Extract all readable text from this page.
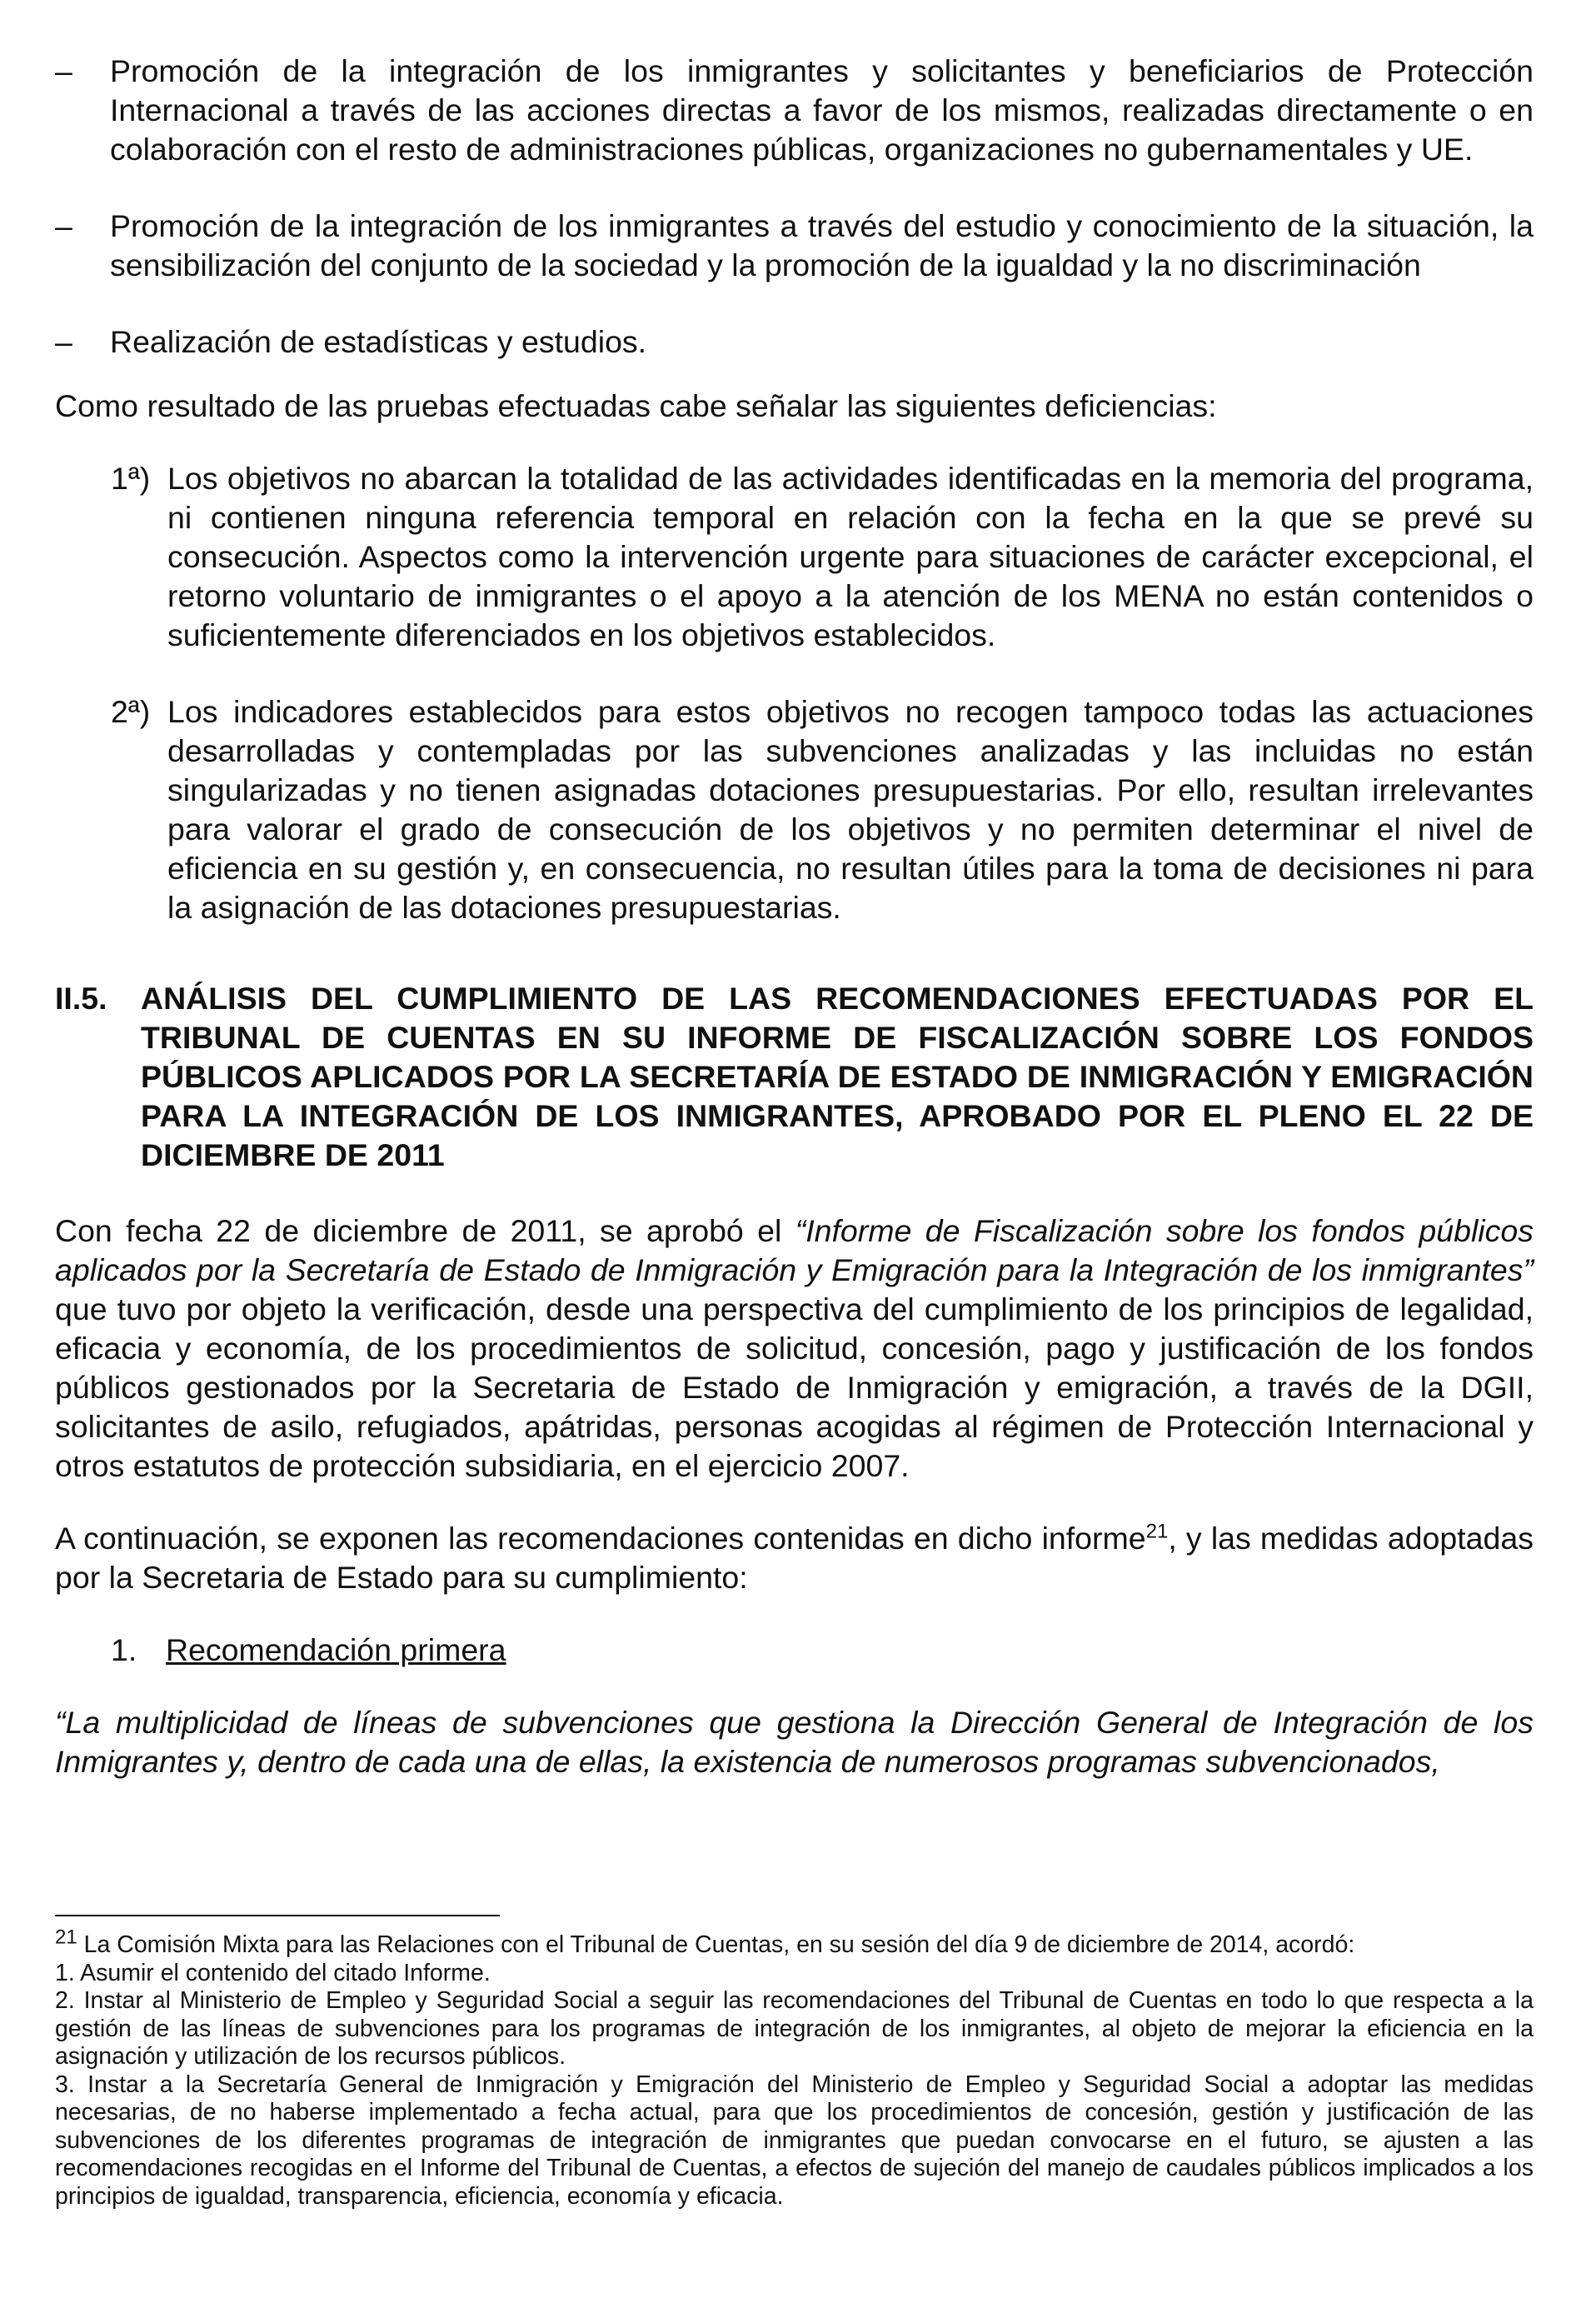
–	Promoción de la integración de los inmigrantes y solicitantes y beneficiarios de Protección Internacional a través de las acciones directas a favor de los mismos, realizadas directamente o en colaboración con el resto de administraciones públicas, organizaciones no gubernamentales y UE.
–	Promoción de la integración de los inmigrantes a través del estudio y conocimiento de la situación, la sensibilización del conjunto de la sociedad y la promoción de la igualdad y la no discriminación
–	Realización de estadísticas y estudios.

Como resultado de las pruebas efectuadas cabe señalar las siguientes deficiencias:

1ª) Los objetivos no abarcan la totalidad de las actividades identificadas en la memoria del programa, ni contienen ninguna referencia temporal en relación con la fecha en la que se prevé su consecución. Aspectos como la intervención urgente para situaciones de carácter excepcional, el retorno voluntario de inmigrantes o el apoyo a la atención de los MENA no están contenidos o suficientemente diferenciados en los objetivos establecidos.
2ª) Los indicadores establecidos para estos objetivos no recogen tampoco todas las actuaciones desarrolladas y contempladas por las subvenciones analizadas y las incluidas no están singularizadas y no tienen asignadas dotaciones presupuestarias. Por ello, resultan irrelevantes para valorar el grado de consecución de los objetivos y no permiten determinar el nivel de eficiencia en su gestión y, en consecuencia, no resultan útiles para la toma de decisiones ni para la asignación de las dotaciones presupuestarias.
II.5.	ANÁLISIS DEL CUMPLIMIENTO DE LAS RECOMENDACIONES EFECTUADAS POR EL TRIBUNAL DE CUENTAS EN SU INFORME DE FISCALIZACIÓN SOBRE LOS FONDOS PÚBLICOS APLICADOS POR LA SECRETARÍA DE ESTADO DE INMIGRACIÓN Y EMIGRACIÓN PARA LA INTEGRACIÓN DE LOS INMIGRANTES, APROBADO POR EL PLENO EL 22 DE DICIEMBRE DE 2011

Con fecha 22 de diciembre de 2011, se aprobó el “Informe de Fiscalización sobre los fondos públicos aplicados por la Secretaría de Estado de Inmigración y Emigración para la Integración de los inmigrantes” que tuvo por objeto la verificación, desde una perspectiva del cumplimiento de los principios de legalidad, eficacia y economía, de los procedimientos de solicitud, concesión, pago y justificación de los fondos públicos gestionados por la Secretaria de Estado de Inmigración y emigración, a través de la DGII, solicitantes de asilo, refugiados, apátridas, personas acogidas al régimen de Protección Internacional y otros estatutos de protección subsidiaria, en el ejercicio 2007.

A continuación, se exponen las recomendaciones contenidas en dicho informe$^{21}$, y las medidas adoptadas por la Secretaria de Estado para su cumplimiento:

1. Recomendación primera

“La multiplicidad de líneas de subvenciones que gestiona la Dirección General de Integración de los Inmigrantes y, dentro de cada una de ellas, la existencia de numerosos programas subvencionados,

$^{21}$ La Comisión Mixta para las Relaciones con el Tribunal de Cuentas, en su sesión del día 9 de diciembre de 2014, acordó:

1. Asumir el contenido del citado Informe.

2. Instar al Ministerio de Empleo y Seguridad Social a seguir las recomendaciones del Tribunal de Cuentas en todo lo que respecta a la gestión de las líneas de subvenciones para los programas de integración de los inmigrantes, al objeto de mejorar la eficiencia en la asignación y utilización de los recursos públicos.

3. Instar a la Secretaría General de Inmigración y Emigración del Ministerio de Empleo y Seguridad Social a adoptar las medidas necesarias, de no haberse implementado a fecha actual, para que los procedimientos de concesión, gestión y justificación de las subvenciones de los diferentes programas de integración de inmigrantes que puedan convocarse en el futuro, se ajusten a las recomendaciones recogidas en el Informe del Tribunal de Cuentas, a efectos de sujeción del manejo de caudales públicos implicados a los principios de igualdad, transparencia, eficiencia, economía y eficacia.
